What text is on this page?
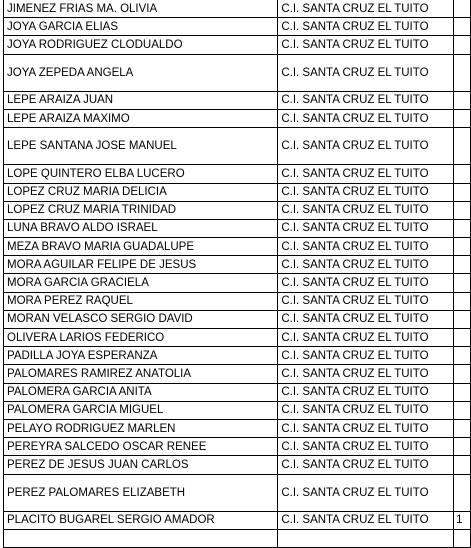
JIMENEZ FRIAS MA. OLIVIA	C.I. SANTA CRUZ EL TUITO	
JOYA GARCIA ELIAS	C.I. SANTA CRUZ EL TUITO	
JOYA RODRIGUEZ CLODUALDO	C.I. SANTA CRUZ EL TUITO	
JOYA ZEPEDA ANGELA	C.I. SANTA CRUZ EL TUITO	
LEPE ARAIZA JUAN	C.I. SANTA CRUZ EL TUITO	
LEPE ARAIZA MAXIMO	C.I. SANTA CRUZ EL TUITO	
LEPE SANTANA JOSE MANUEL	C.I. SANTA CRUZ EL TUITO	
LOPE QUINTERO ELBA LUCERO	C.I. SANTA CRUZ EL TUITO	
LOPEZ CRUZ MARIA DELICIA	C.I. SANTA CRUZ EL TUITO	
LOPEZ CRUZ MARIA TRINIDAD	C.I. SANTA CRUZ EL TUITO	
LUNA BRAVO ALDO ISRAEL	C.I. SANTA CRUZ EL TUITO	
MEZA BRAVO MARIA GUADALUPE	C.I. SANTA CRUZ EL TUITO	
MORA AGUILAR FELIPE DE JESUS	C.I. SANTA CRUZ EL TUITO	
MORA GARCIA GRACIELA	C.I. SANTA CRUZ EL TUITO	
MORA PEREZ RAQUEL	C.I. SANTA CRUZ EL TUITO	
MORAN VELASCO SERGIO DAVID	C.I. SANTA CRUZ EL TUITO	
OLIVERA LARIOS FEDERICO	C.I. SANTA CRUZ EL TUITO	
PADILLA JOYA ESPERANZA	C.I. SANTA CRUZ EL TUITO	
PALOMARES RAMIREZ ANATOLIA	C.I. SANTA CRUZ EL TUITO	
PALOMERA GARCIA ANITA	C.I. SANTA CRUZ EL TUITO	
PALOMERA GARCIA MIGUEL	C.I. SANTA CRUZ EL TUITO	
PELAYO RODRIGUEZ MARLEN	C.I. SANTA CRUZ EL TUITO	
PEREYRA SALCEDO OSCAR RENEE	C.I. SANTA CRUZ EL TUITO	
PEREZ DE JESUS JUAN CARLOS	C.I. SANTA CRUZ EL TUITO	
PEREZ PALOMARES ELIZABETH	C.I. SANTA CRUZ EL TUITO	
PLACITO BUGAREL SERGIO AMADOR	C.I. SANTA CRUZ EL TUITO	1
